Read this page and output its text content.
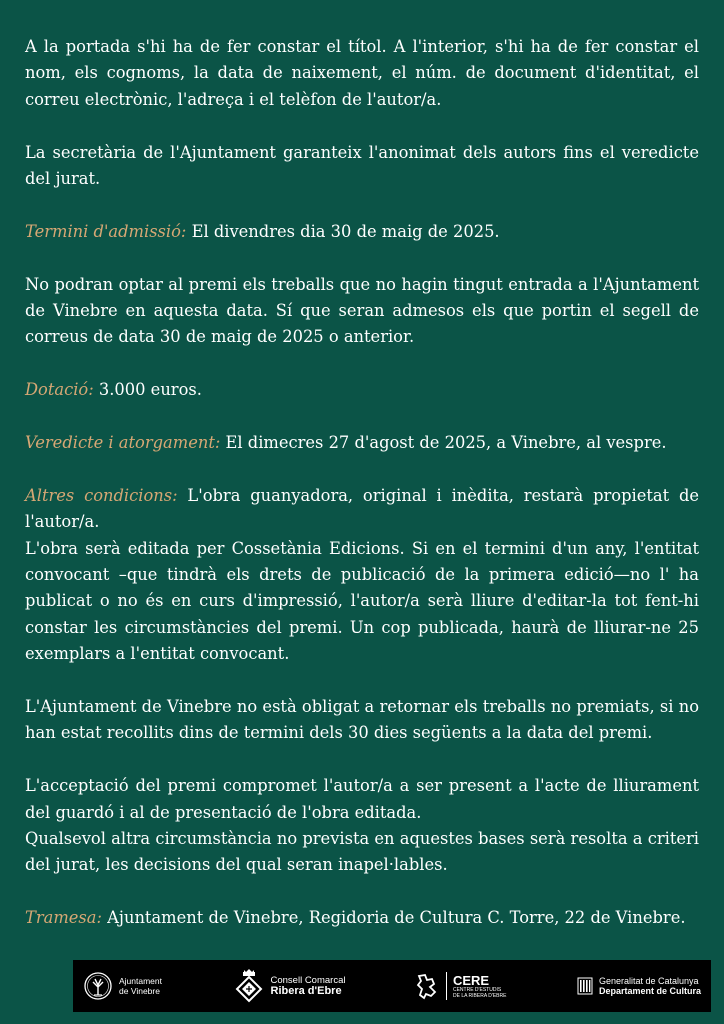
A la portada s'hi ha de fer constar el títol. A l'interior, s'hi ha de fer constar el nom, els cognoms, la data de naixement, el núm. de document d'identitat, el correu electrònic, l'adreça i el telèfon de l'autor/a.

La secretària de l'Ajuntament garanteix l'anonimat dels autors fins el veredicte del jurat.

Termini d'admissió: El divendres dia 30 de maig de 2025.

No podran optar al premi els treballs que no hagin tingut entrada a l'Ajuntament de Vinebre en aquesta data. Sí que seran admesos els que portin el segell de correus de data 30 de maig de 2025 o anterior.

Dotació: 3.000 euros.

Veredicte i atorgament: El dimecres 27 d'agost de 2025, a Vinebre, al vespre.

Altres condicions: L'obra guanyadora, original i inèdita, restarà propietat de l'autor/a.
L'obra serà editada per Cossetània Edicions. Si en el termini d'un any, l'entitat convocant –que tindrà els drets de publicació de la primera edició—no l' ha publicat o no és en curs d'impressió, l'autor/a serà lliure d'editar-la tot fent-hi constar les circumstàncies del premi. Un cop publicada, haurà de lliurar-ne 25 exemplars a l'entitat convocant.

L'Ajuntament de Vinebre no està obligat a retornar els treballs no premiats, si no han estat recollits dins de termini dels 30 dies següents a la data del premi.

L'acceptació del premi compromet l'autor/a a ser present a l'acte de lliurament del guardó i al de presentació de l'obra editada.
Qualsevol altra circumstància no prevista en aquestes bases serà resolta a criteri del jurat, les decisions del qual seran inapel·lables.

Tramesa: Ajuntament de Vinebre, Regidoria de Cultura C. Torre, 22 de Vinebre.

Ajuntament
de Vinebre
Consell Comarcal
Ribera d'Ebre
CERE
CENTRE D'ESTUDIS
DE LA RIBERA D'EBRE
Generalitat de Catalunya
Departament de Cultura
